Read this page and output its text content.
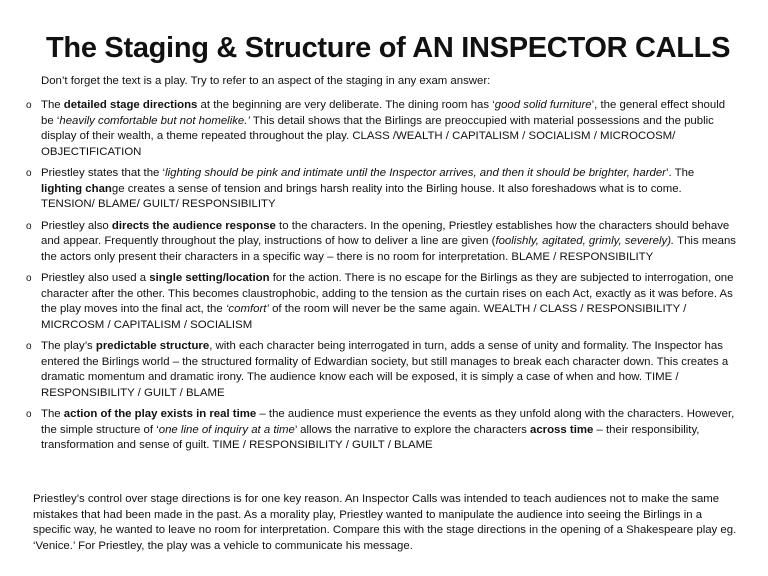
The Staging & Structure of AN INSPECTOR CALLS
Don’t forget the text is a play. Try to refer to an aspect of the staging in any exam answer:
o The detailed stage directions at the beginning are very deliberate. The dining room has ‘good solid furniture’, the general effect should be ‘heavily comfortable but not homelike.’ This detail shows that the Birlings are preoccupied with material possessions and the public display of their wealth, a theme repeated throughout the play. CLASS /WEALTH / CAPITALISM / SOCIALISM / MICROCOSM/ OBJECTIFICATION
o Priestley states that the ‘lighting should be pink and intimate until the Inspector arrives, and then it should be brighter, harder’. The lighting change creates a sense of tension and brings harsh reality into the Birling house. It also foreshadows what is to come. TENSION/ BLAME/ GUILT/ RESPONSIBILITY
o Priestley also directs the audience response to the characters. In the opening, Priestley establishes how the characters should behave and appear. Frequently throughout the play, instructions of how to deliver a line are given (foolishly, agitated, grimly, severely). This means the actors only present their characters in a specific way – there is no room for interpretation. BLAME / RESPONSIBILITY
o Priestley also used a single setting/location for the action. There is no escape for the Birlings as they are subjected to interrogation, one character after the other. This becomes claustrophobic, adding to the tension as the curtain rises on each Act, exactly as it was before. As the play moves into the final act, the ‘comfort’ of the room will never be the same again. WEALTH / CLASS / RESPONSIBILITY / MICRCOSM / CAPITALISM / SOCIALISM
o The play’s predictable structure, with each character being interrogated in turn, adds a sense of unity and formality. The Inspector has entered the Birlings world – the structured formality of Edwardian society, but still manages to break each character down. This creates a dramatic momentum and dramatic irony. The audience know each will be exposed, it is simply a case of when and how. TIME / RESPONSIBILITY / GUILT / BLAME
o The action of the play exists in real time – the audience must experience the events as they unfold along with the characters. However, the simple structure of ‘one line of inquiry at a time’ allows the narrative to explore the characters across time – their responsibility, transformation and sense of guilt. TIME / RESPONSIBILITY / GUILT / BLAME
Priestley’s control over stage directions is for one key reason. An Inspector Calls was intended to teach audiences not to make the same mistakes that had been made in the past. As a morality play, Priestley wanted to manipulate the audience into seeing the Birlings in a specific way, he wanted to leave no room for interpretation. Compare this with the stage directions in the opening of a Shakespeare play eg. ‘Venice.’ For Priestley, the play was a vehicle to communicate his message.
